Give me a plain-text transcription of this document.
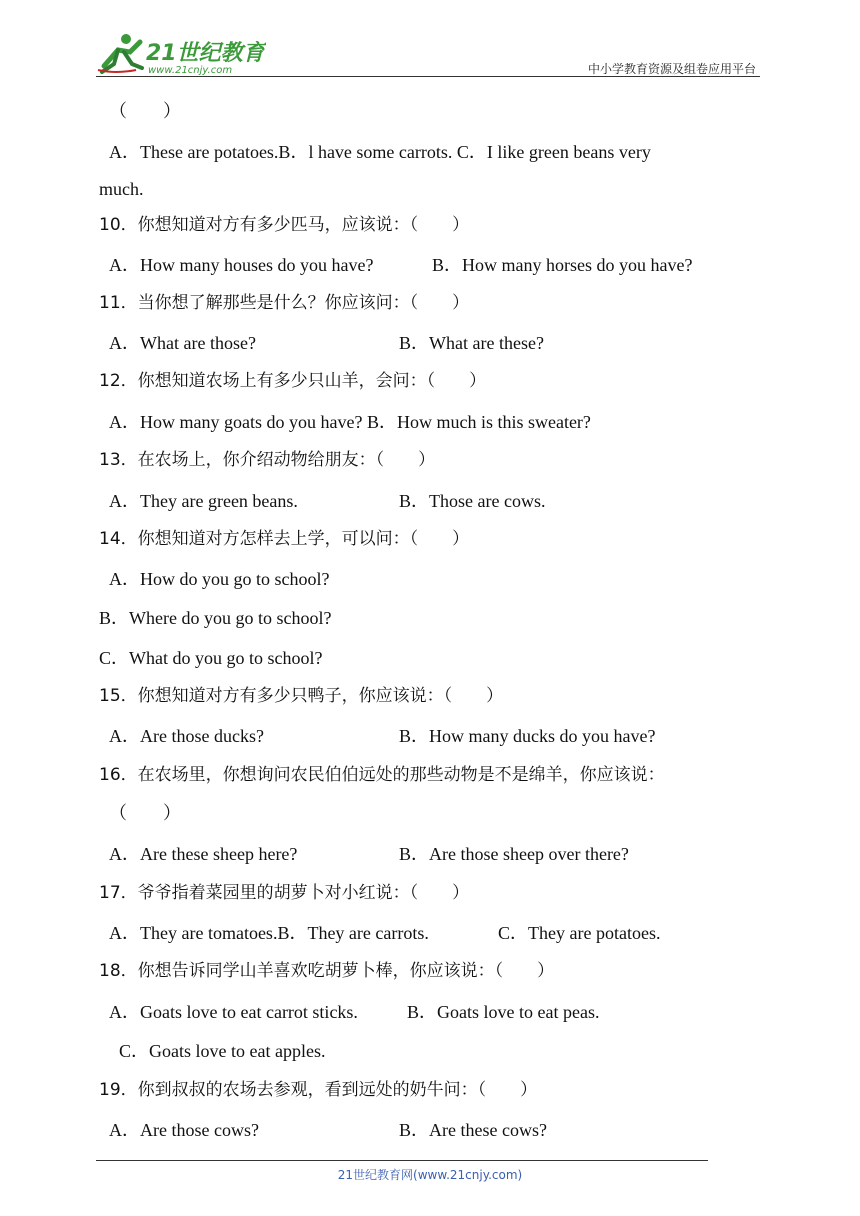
21世纪教育
www.21cnjy.com	中小学教育资源及组卷应用平台
（　　）
A．These are potatoes.B．l have some carrots. C．I like green beans very
much.
10．你想知道对方有多少匹马，应该说：（　　）
A．How many houses do you have?	B．How many horses do you have?
11．当你想了解那些是什么？你应该问：（　　）
A．What are those?	B．What are these?
12．你想知道农场上有多少只山羊，会问：（　　）
A．How many goats do you have? B．How much is this sweater?
13．在农场上，你介绍动物给朋友：（　　）
A．They are green beans.	B．Those are cows.
14．你想知道对方怎样去上学，可以问：（　　）
A．How do you go to school?
B．Where do you go to school?
C．What do you go to school?
15．你想知道对方有多少只鸭子，你应该说：（　　）
A．Are those ducks?	B．How many ducks do you have?
16．在农场里，你想询问农民伯伯远处的那些动物是不是绵羊，你应该说：
（　　）
A．Are these sheep here?	B．Are those sheep over there?
17．爷爷指着菜园里的胡萝卜对小红说：（　　）
A．They are tomatoes.B．They are carrots.	C．They are potatoes.
18．你想告诉同学山羊喜欢吃胡萝卜棒，你应该说：（　　）
A．Goats love to eat carrot sticks.	B．Goats love to eat peas.
C．Goats love to eat apples.
19．你到叔叔的农场去参观，看到远处的奶牛问：（　　）
A．Are those cows?	B．Are these cows?
21世纪教育网(www.21cnjy.com)
